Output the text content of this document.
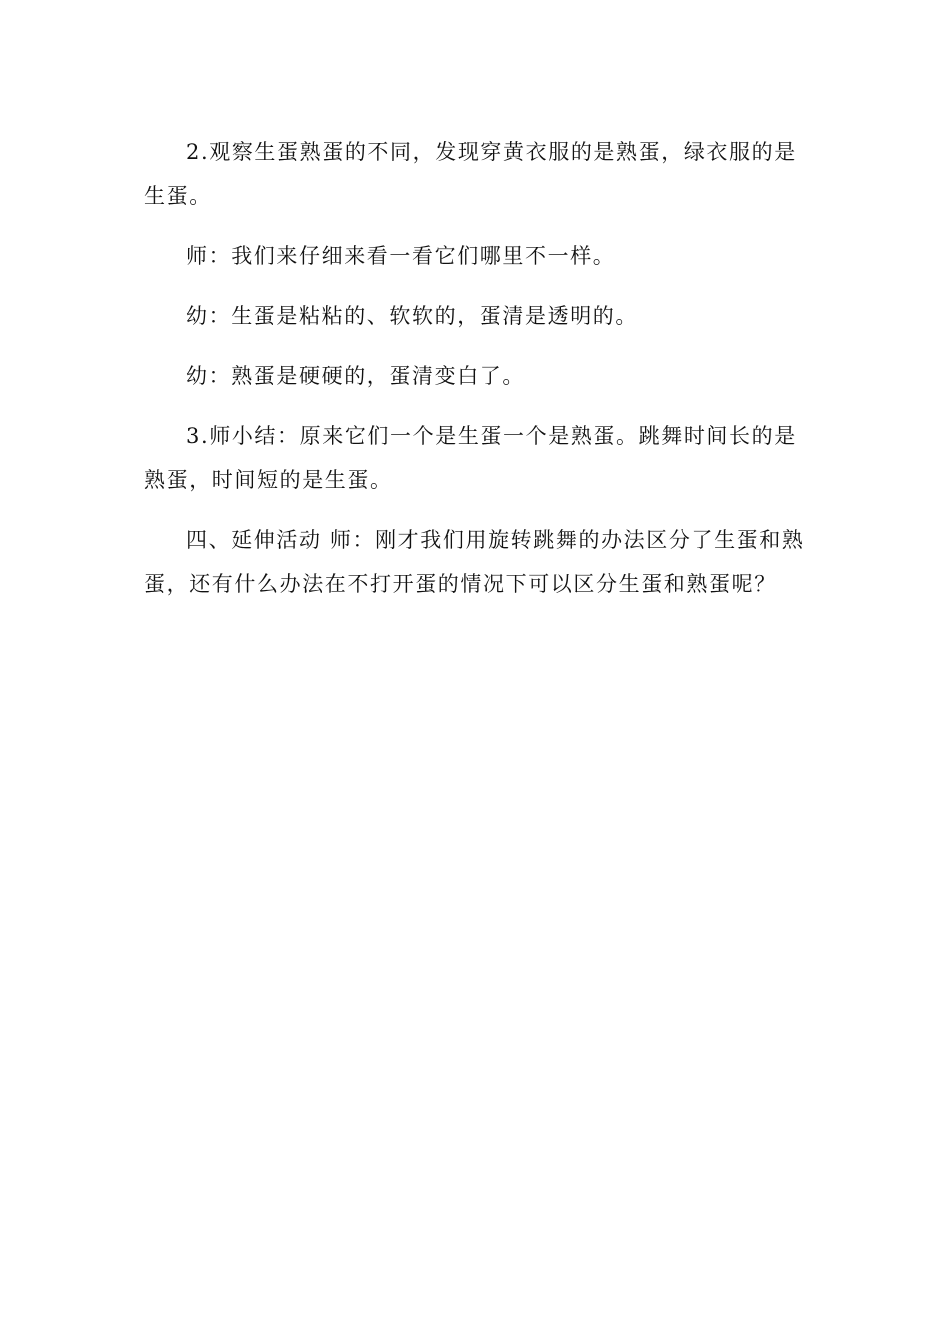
2.观察生蛋熟蛋的不同，发现穿黄衣服的是熟蛋，绿衣服的是生蛋。

师：我们来仔细来看一看它们哪里不一样。

幼：生蛋是粘粘的、软软的，蛋清是透明的。

幼：熟蛋是硬硬的，蛋清变白了。

3.师小结：原来它们一个是生蛋一个是熟蛋。跳舞时间长的是熟蛋，时间短的是生蛋。

四、延伸活动 师：刚才我们用旋转跳舞的办法区分了生蛋和熟蛋，还有什么办法在不打开蛋的情况下可以区分生蛋和熟蛋呢？
